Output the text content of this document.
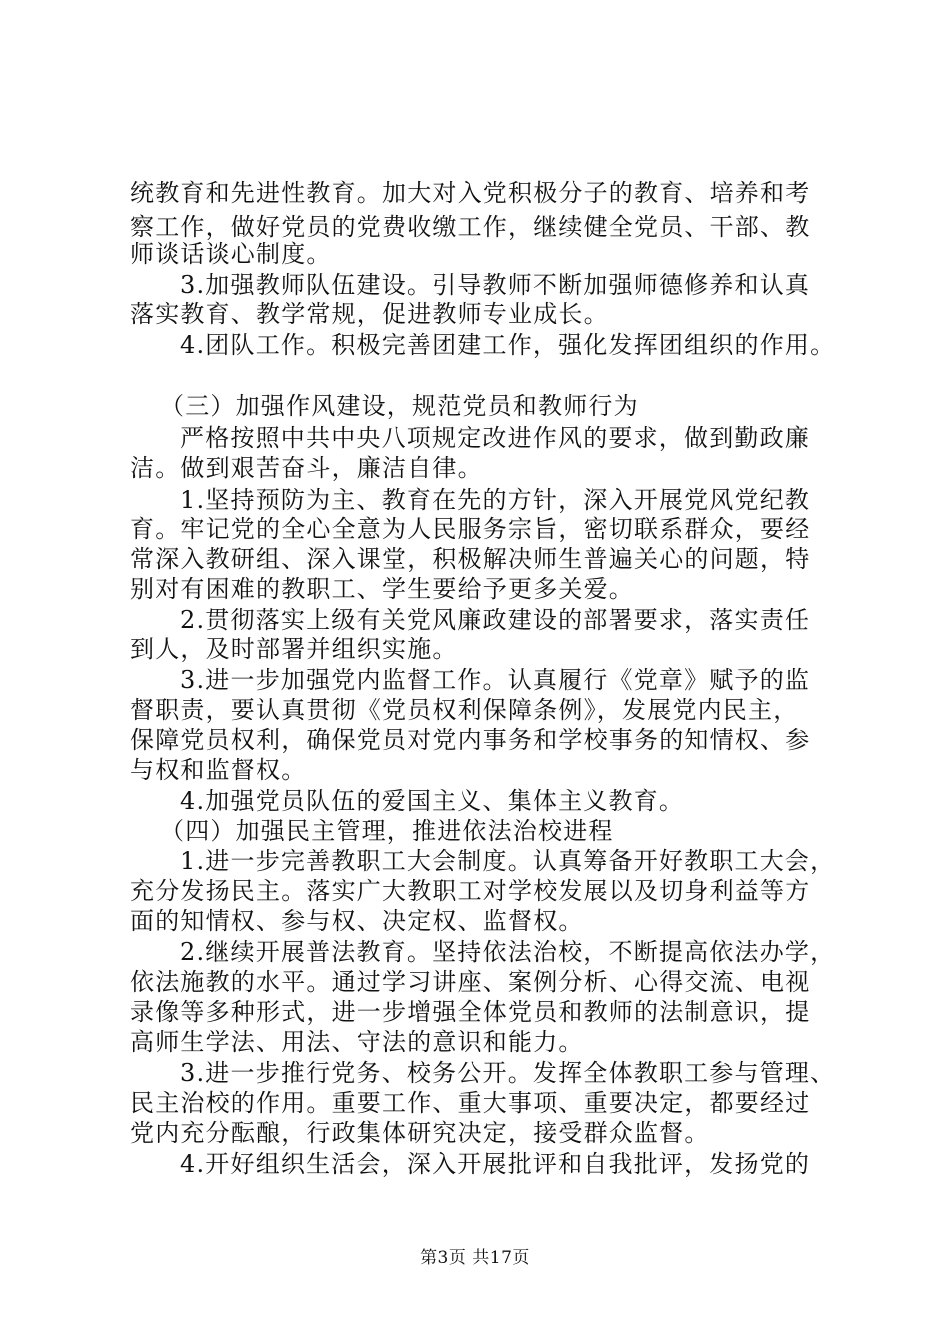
统教育和先进性教育。加大对入党积极分子的教育、培养和考
察工作，做好党员的党费收缴工作，继续健全党员、干部、教
师谈话谈心制度。
3.加强教师队伍建设。引导教师不断加强师德修养和认真
落实教育、教学常规，促进教师专业成长。
4.团队工作。积极完善团建工作，强化发挥团组织的作用。
（三）加强作风建设，规范党员和教师行为
严格按照中共中央八项规定改进作风的要求，做到勤政廉
洁。做到艰苦奋斗，廉洁自律。
1.坚持预防为主、教育在先的方针，深入开展党风党纪教
育。牢记党的全心全意为人民服务宗旨，密切联系群众，要经
常深入教研组、深入课堂，积极解决师生普遍关心的问题，特
别对有困难的教职工、学生要给予更多关爱。
2.贯彻落实上级有关党风廉政建设的部署要求，落实责任
到人，及时部署并组织实施。
3.进一步加强党内监督工作。认真履行《党章》赋予的监
督职责，要认真贯彻《党员权利保障条例》，发展党内民主，
保障党员权利，确保党员对党内事务和学校事务的知情权、参
与权和监督权。
4.加强党员队伍的爱国主义、集体主义教育。
（四）加强民主管理，推进依法治校进程
1.进一步完善教职工大会制度。认真筹备开好教职工大会，
充分发扬民主。落实广大教职工对学校发展以及切身利益等方
面的知情权、参与权、决定权、监督权。
2.继续开展普法教育。坚持依法治校，不断提高依法办学，
依法施教的水平。通过学习讲座、案例分析、心得交流、电视
录像等多种形式，进一步增强全体党员和教师的法制意识，提
高师生学法、用法、守法的意识和能力。
3.进一步推行党务、校务公开。发挥全体教职工参与管理、
民主治校的作用。重要工作、重大事项、重要决定，都要经过
党内充分酝酿，行政集体研究决定，接受群众监督。
4.开好组织生活会，深入开展批评和自我批评，发扬党的
第3页 共17页
